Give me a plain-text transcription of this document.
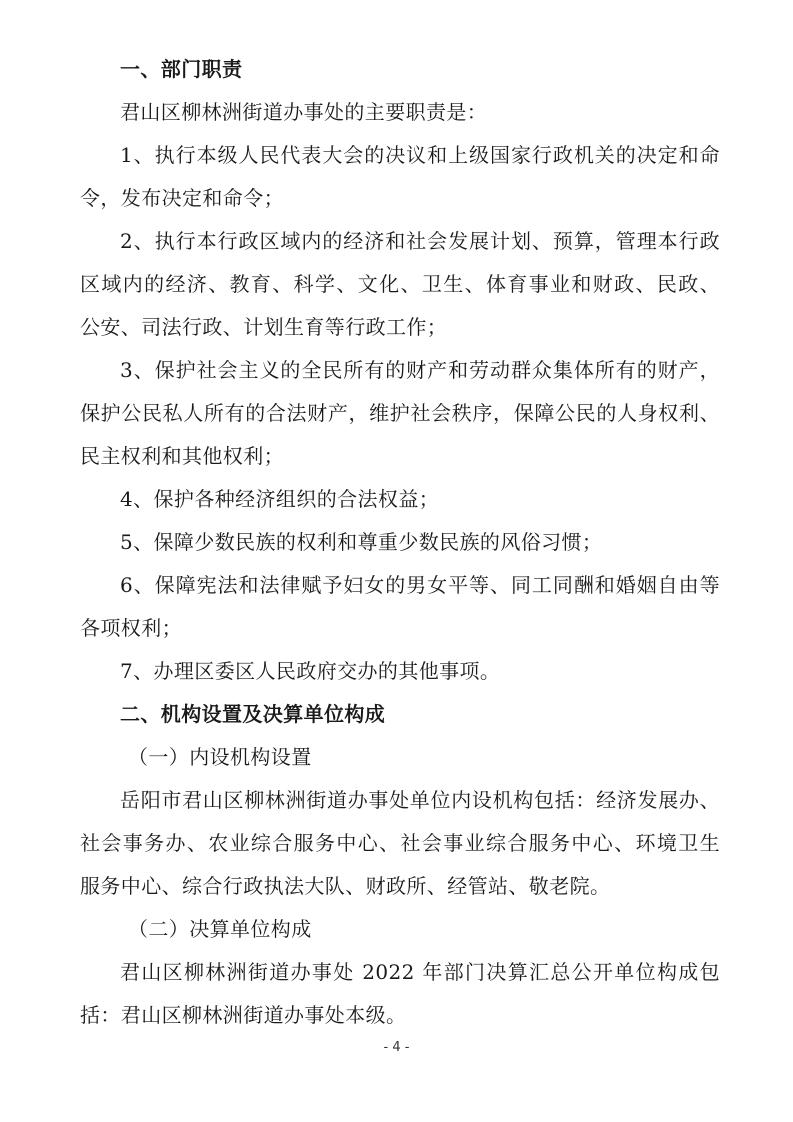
一、部门职责
君山区柳林洲街道办事处的主要职责是：
1、执行本级人民代表大会的决议和上级国家行政机关的决定和命
令，发布决定和命令；
2、执行本行政区域内的经济和社会发展计划、预算，管理本行政
区域内的经济、教育、科学、文化、卫生、体育事业和财政、民政、
公安、司法行政、计划生育等行政工作；
3、保护社会主义的全民所有的财产和劳动群众集体所有的财产，
保护公民私人所有的合法财产，维护社会秩序，保障公民的人身权利、
民主权利和其他权利；
4、保护各种经济组织的合法权益；
5、保障少数民族的权利和尊重少数民族的风俗习惯；
6、保障宪法和法律赋予妇女的男女平等、同工同酬和婚姻自由等
各项权利；
7、办理区委区人民政府交办的其他事项。
二、机构设置及决算单位构成
（一）内设机构设置
岳阳市君山区柳林洲街道办事处单位内设机构包括：经济发展办、
社会事务办、农业综合服务中心、社会事业综合服务中心、环境卫生
服务中心、综合行政执法大队、财政所、经管站、敬老院。
（二）决算单位构成
君山区柳林洲街道办事处 2022 年部门决算汇总公开单位构成包
括：君山区柳林洲街道办事处本级。
- 4 -
